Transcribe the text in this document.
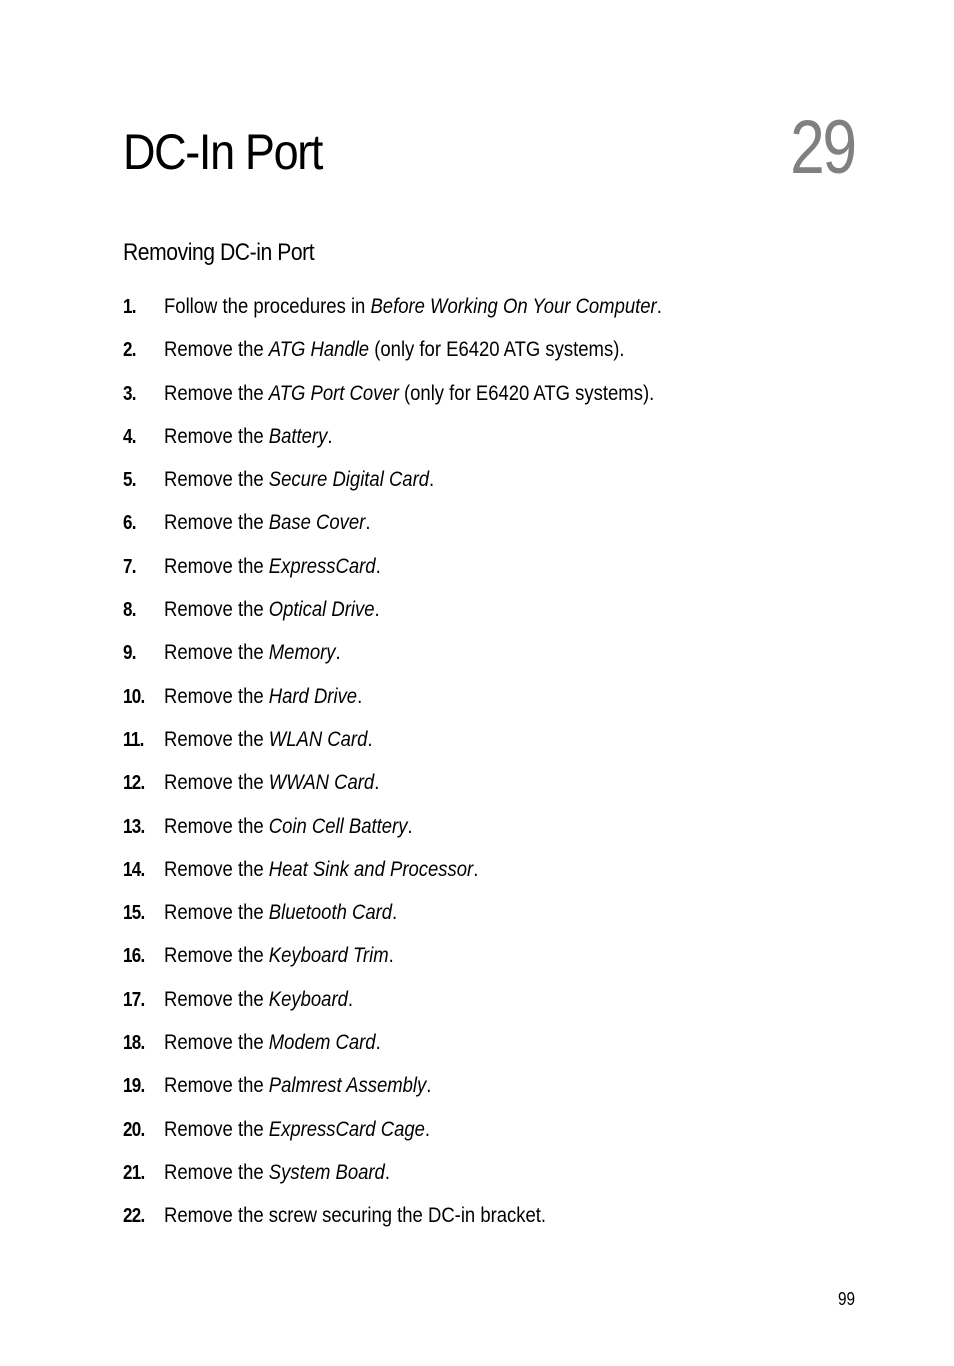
DC-In Port	29
Removing DC-in Port
1. Follow the procedures in Before Working On Your Computer.
2. Remove the ATG Handle (only for E6420 ATG systems).
3. Remove the ATG Port Cover (only for E6420 ATG systems).
4. Remove the Battery.
5. Remove the Secure Digital Card.
6. Remove the Base Cover.
7. Remove the ExpressCard.
8. Remove the Optical Drive.
9. Remove the Memory.
10. Remove the Hard Drive.
11. Remove the WLAN Card.
12. Remove the WWAN Card.
13. Remove the Coin Cell Battery.
14. Remove the Heat Sink and Processor.
15. Remove the Bluetooth Card.
16. Remove the Keyboard Trim.
17. Remove the Keyboard.
18. Remove the Modem Card.
19. Remove the Palmrest Assembly.
20. Remove the ExpressCard Cage.
21. Remove the System Board.
22. Remove the screw securing the DC-in bracket.
99
